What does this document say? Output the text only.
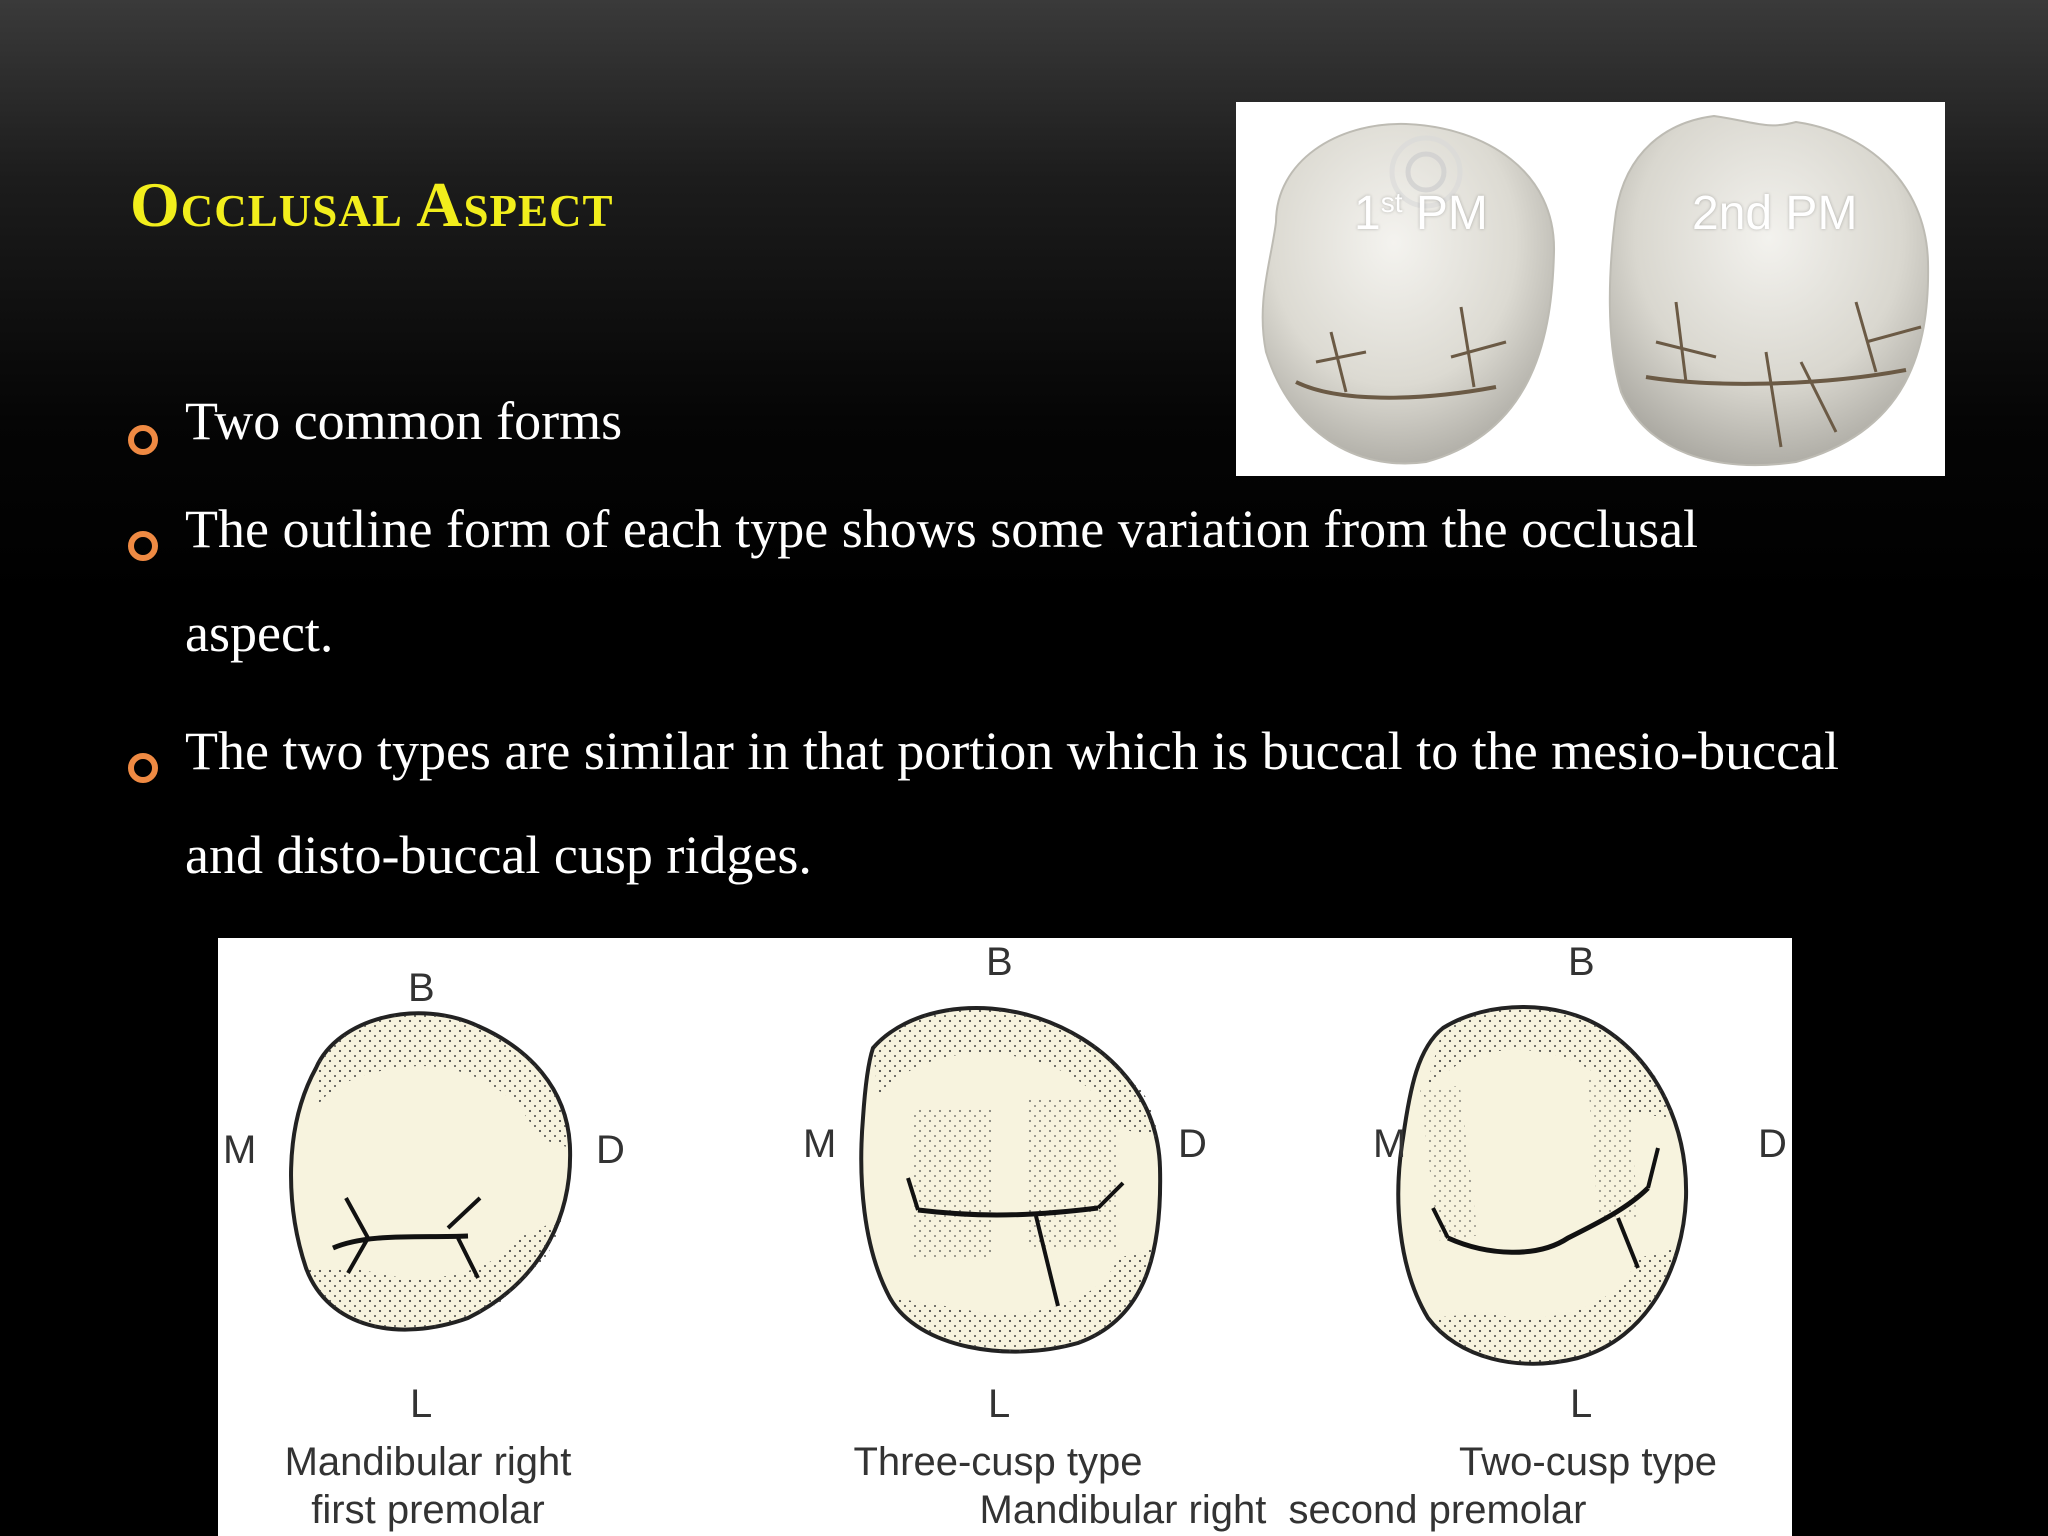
Occlusal Aspect
Two common forms
The outline form of each type shows some variation from the occlusal
aspect.
The two types are similar in that portion which is buccal to the mesio-buccal
and disto-buccal cusp ridges.
1st PM	2nd PM
B
M	D
L
B
M	D
L
B
M	D
L
Mandibular right
first premolar
Three-cusp type	Two-cusp type
Mandibular right  second premolar
